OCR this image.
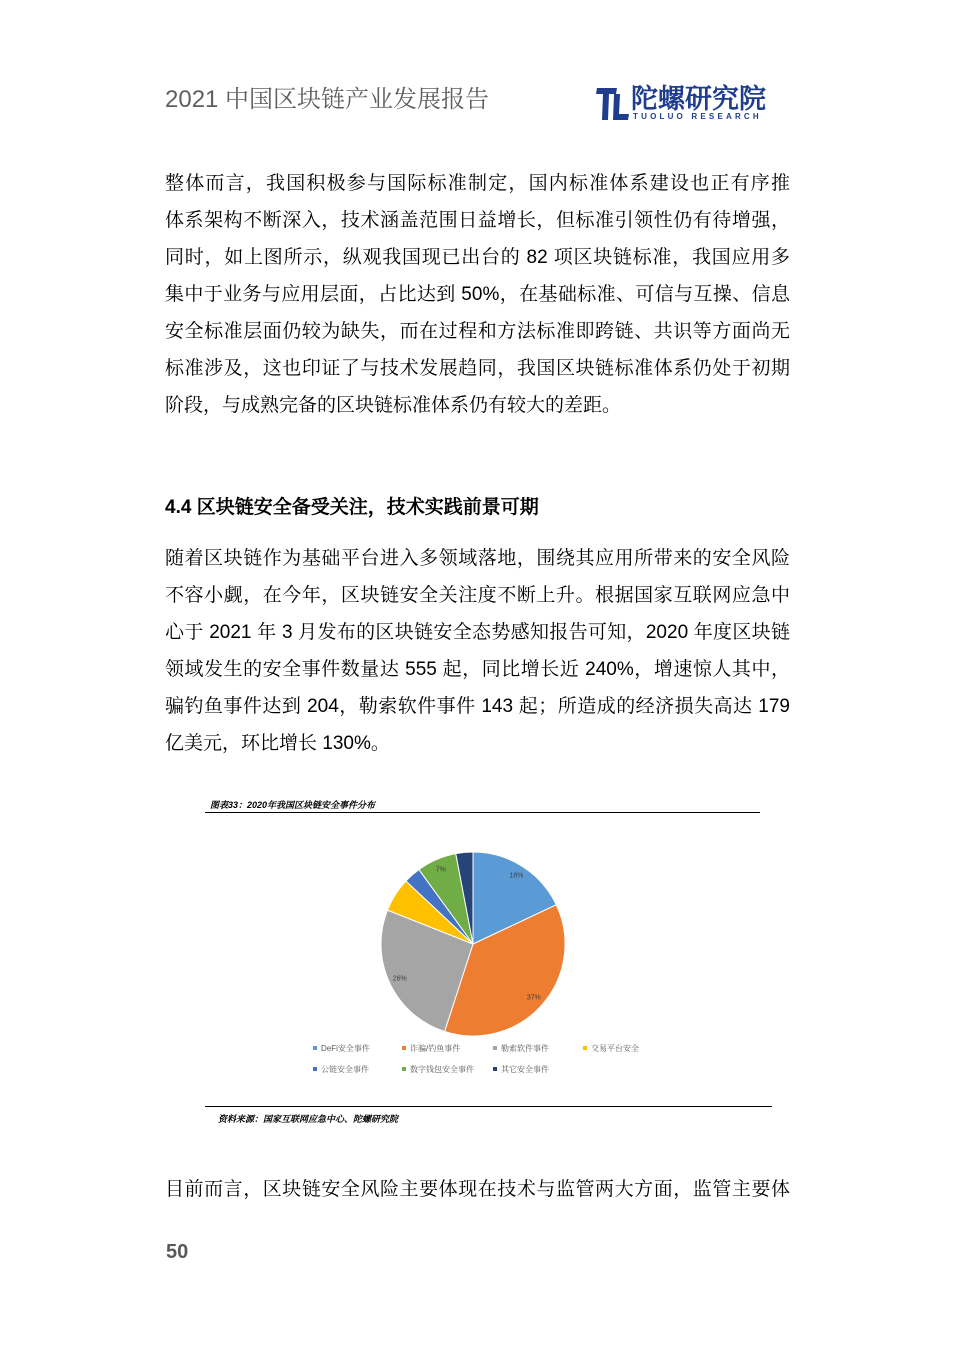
2021 中国区块链产业发展报告	陀螺研究院
TUOLUO RESEARCH
整体而言，我国积极参与国际标准制定，国内标准体系建设也正有序推
体系架构不断深入，技术涵盖范围日益增长，但标准引领性仍有待增强，
同时，如上图所示，纵观我国现已出台的 82 项区块链标准，我国应用多
集中于业务与应用层面，占比达到 50%，在基础标准、可信与互操、信息
安全标准层面仍较为缺失，而在过程和方法标准即跨链、共识等方面尚无
标准涉及，这也印证了与技术发展趋同，我国区块链标准体系仍处于初期
阶段，与成熟完备的区块链标准体系仍有较大的差距。
4.4 区块链安全备受关注，技术实践前景可期
随着区块链作为基础平台进入多领域落地，围绕其应用所带来的安全风险
不容小觑，在今年，区块链安全关注度不断上升。根据国家互联网应急中
心于 2021 年 3 月发布的区块链安全态势感知报告可知，2020 年度区块链
领域发生的安全事件数量达 555 起，同比增长近 240%，增速惊人其中，
骗钓鱼事件达到 204，勒索软件事件 143 起；所造成的经济损失高达 179
亿美元，环比增长 130%。
图表33：2020年我国区块链安全事件分布
18%
37%
26%
7%
DeFi安全事件	诈骗/钓鱼事件	勒索软件事件	交易平台安全
公链安全事件	数字钱包安全事件	其它安全事件
资料来源：国家互联网应急中心、陀螺研究院
目前而言，区块链安全风险主要体现在技术与监管两大方面，监管主要体
50
